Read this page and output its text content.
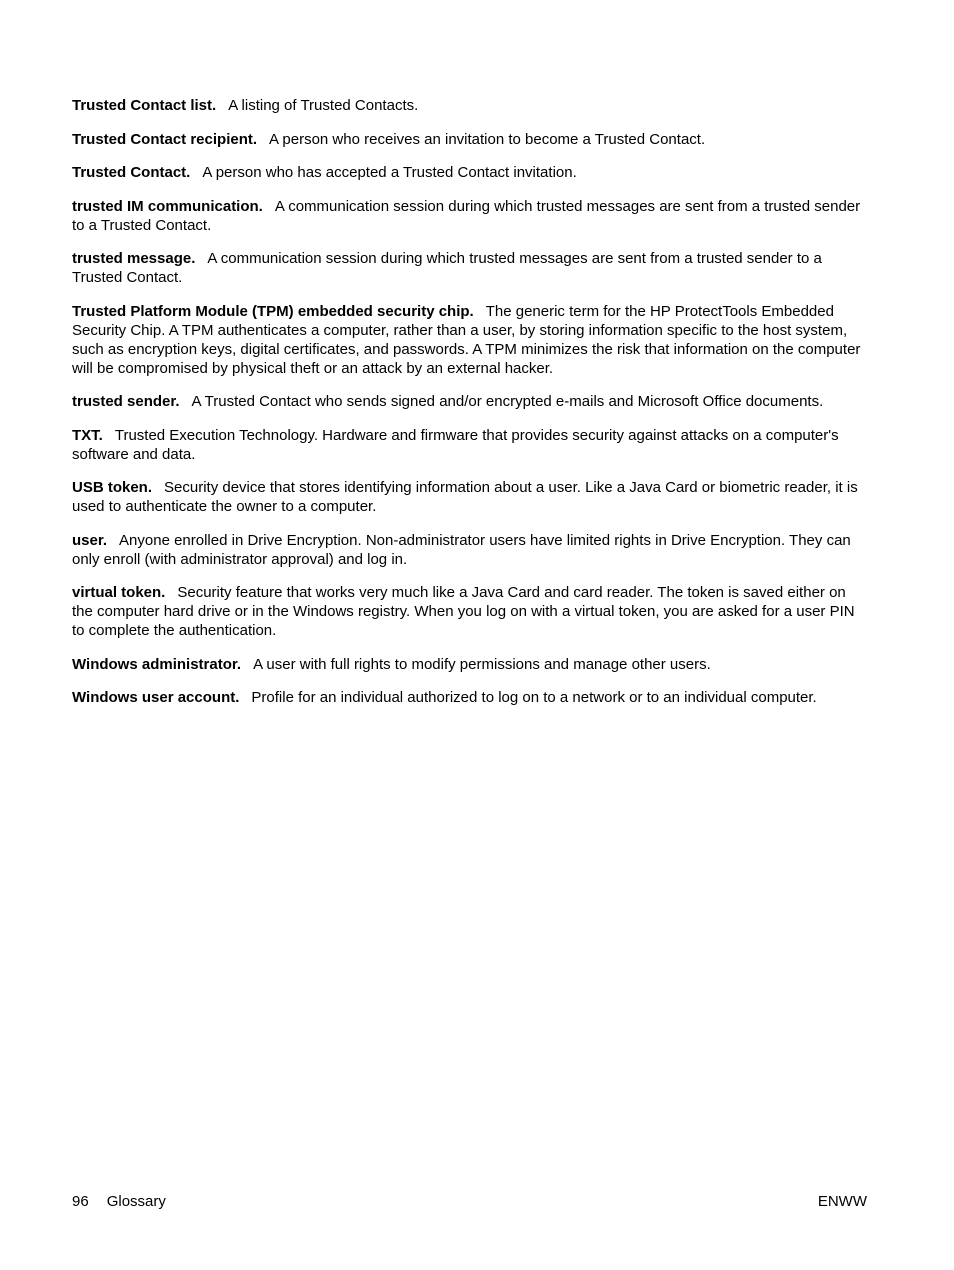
Trusted Contact list. A listing of Trusted Contacts.

Trusted Contact recipient. A person who receives an invitation to become a Trusted Contact.

Trusted Contact. A person who has accepted a Trusted Contact invitation.

trusted IM communication. A communication session during which trusted messages are sent from a trusted sender to a Trusted Contact.

trusted message. A communication session during which trusted messages are sent from a trusted sender to a Trusted Contact.

Trusted Platform Module (TPM) embedded security chip. The generic term for the HP ProtectTools Embedded Security Chip. A TPM authenticates a computer, rather than a user, by storing information specific to the host system, such as encryption keys, digital certificates, and passwords. A TPM minimizes the risk that information on the computer will be compromised by physical theft or an attack by an external hacker.

trusted sender. A Trusted Contact who sends signed and/or encrypted e-mails and Microsoft Office documents.

TXT. Trusted Execution Technology. Hardware and firmware that provides security against attacks on a computer's software and data.

USB token. Security device that stores identifying information about a user. Like a Java Card or biometric reader, it is used to authenticate the owner to a computer.

user. Anyone enrolled in Drive Encryption. Non-administrator users have limited rights in Drive Encryption. They can only enroll (with administrator approval) and log in.

virtual token. Security feature that works very much like a Java Card and card reader. The token is saved either on the computer hard drive or in the Windows registry. When you log on with a virtual token, you are asked for a user PIN to complete the authentication.

Windows administrator. A user with full rights to modify permissions and manage other users.

Windows user account. Profile for an individual authorized to log on to a network or to an individual computer.

96 Glossary	ENWW
